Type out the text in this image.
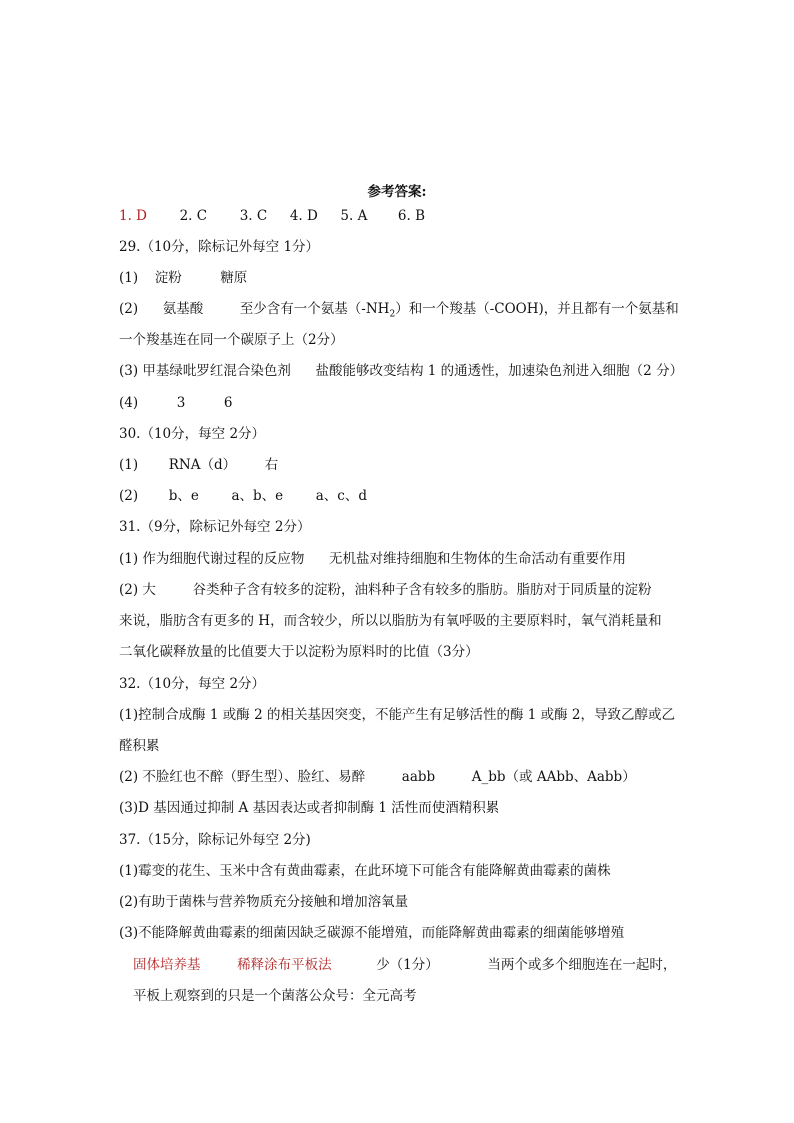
参考答案:
1. D 2. C 3. C 4. D 5. A 6. B
29.（10分，除标记外每空 1分）
(1) 淀粉	糖原
(2) 氨基酸	至少含有一个氨基$(-NH_2)$和一个羧基（-COOH)，并且都有一个氨基和
一个羧基连在同一个碳原子上（2分）
(3) 甲基绿吡罗红混合染色剂 盐酸能够改变结构 1 的通透性，加速染色剂进入细胞（2 分）
(4)	3	6
30.（10分，每空 2分）
(1) RNA（d） 右
(2) b、e a、b、e a、c、d
31.（9分，除标记外每空 2分）
(1) 作为细胞代谢过程的反应物 无机盐对维持细胞和生物体的生命活动有重要作用
(2) 大	谷类种子含有较多的淀粉，油料种子含有较多的脂肪。脂肪对于同质量的淀粉
来说，脂肪含有更多的 H，而含较少，所以以脂肪为有氧呼吸的主要原料时，氧气消耗量和
二氧化碳释放量的比值要大于以淀粉为原料时的比值（3分）
32.（10分，每空 2分）
(1)控制合成酶 1 或酶 2 的相关基因突变，不能产生有足够活性的酶 1 或酶 2，导致乙醇或乙
醛积累
(2) 不脸红也不醉（野生型）、脸红、易醉	aabb	A_bb（或 AAbb、Aabb）
(3)D 基因通过抑制 A 基因表达或者抑制酶 1 活性而使酒精积累
37.（15分，除标记外每空 2分)
(1)霉变的花生、玉米中含有黄曲霉素，在此环境下可能含有能降解黄曲霉素的菌株
(2)有助于菌株与营养物质充分接触和增加溶氧量
(3)不能降解黄曲霉素的细菌因缺乏碳源不能增殖，而能降解黄曲霉素的细菌能够增殖
固体培养基	稀释涂布平板法	少（1分）	当两个或多个细胞连在一起时，
平板上观察到的只是一个菌落公众号：全元高考
